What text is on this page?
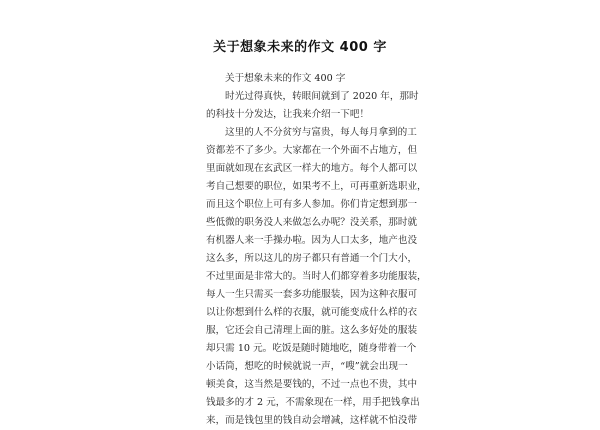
关于想象未来的作文 400 字
关于想象未来的作文 400 字
时光过得真快，转眼间就到了 2020 年，那时
的科技十分发达，让我来介绍一下吧！
这里的人不分贫穷与富贵，每人每月拿到的工
资都差不了多少。大家都在一个外面不占地方，但
里面就如现在玄武区一样大的地方。每个人都可以
考自己想要的职位，如果考不上，可再重新选职业，
而且这个职位上可有多人参加。你们肯定想到那一
些低微的职务没人来做怎么办呢？没关系，那时就
有机器人来一手操办啦。因为人口太多，地产也没
这么多，所以这儿的房子都只有普通一个门大小，
不过里面是非常大的。当时人们都穿着多功能服装，
每人一生只需买一套多功能服装，因为这种衣服可
以让你想到什么样的衣服，就可能变成什么样的衣
服，它还会自己清理上面的脏。这么多好处的服装
却只需 10 元。吃饭是随时随地吃，随身带着一个
小话筒，想吃的时候就说一声，“嗖”就会出现一
顿美食，这当然是要钱的，不过一点也不贵，其中
钱最多的才 2 元，不需象现在一样，用手把钱拿出
来，而是钱包里的钱自动会增减，这样就不怕没带
